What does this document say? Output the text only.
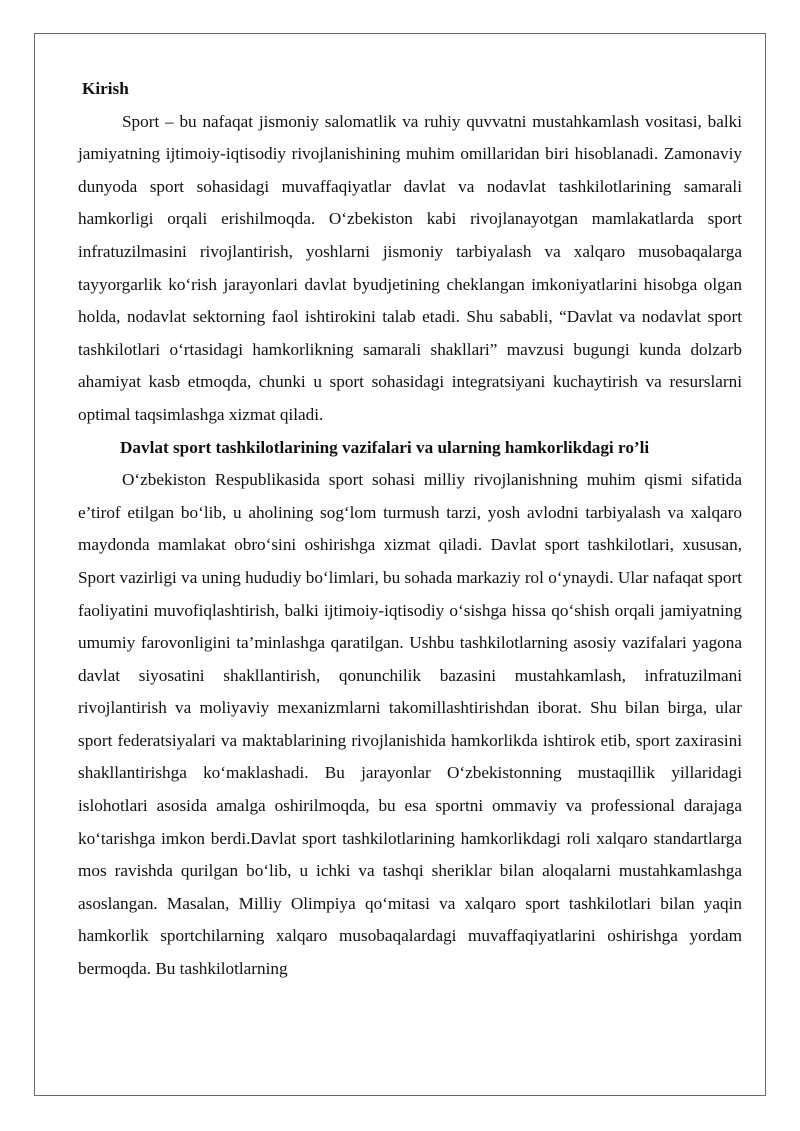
Kirish

Sport – bu nafaqat jismoniy salomatlik va ruhiy quvvatni mustahkamlash vositasi, balki jamiyatning ijtimoiy-iqtisodiy rivojlanishining muhim omillaridan biri hisoblanadi. Zamonaviy dunyoda sport sohasidagi muvaffaqiyatlar davlat va nodavlat tashkilotlarining samarali hamkorligi orqali erishilmoqda. O‘zbekiston kabi rivojlanayotgan mamlakatlarda sport infratuzilmasini rivojlantirish, yoshlarni jismoniy tarbiyalash va xalqaro musobaqalarga tayyorgarlik ko‘rish jarayonlari davlat byudjetining cheklangan imkoniyatlarini hisobga olgan holda, nodavlat sektorning faol ishtirokini talab etadi. Shu sababli, “Davlat va nodavlat sport tashkilotlari o‘rtasidagi hamkorlikning samarali shakllari” mavzusi bugungi kunda dolzarb ahamiyat kasb etmoqda, chunki u sport sohasidagi integratsiyani kuchaytirish va resurslarni optimal taqsimlashga xizmat qiladi.

Davlat sport tashkilotlarining vazifalari va ularning hamkorlikdagi ro’li

O‘zbekiston Respublikasida sport sohasi milliy rivojlanishning muhim qismi sifatida e’tirof etilgan bo‘lib, u aholining sog‘lom turmush tarzi, yosh avlodni tarbiyalash va xalqaro maydonda mamlakat obro‘sini oshirishga xizmat qiladi. Davlat sport tashkilotlari, xususan, Sport vazirligi va uning hududiy bo‘limlari, bu sohada markaziy rol o‘ynaydi. Ular nafaqat sport faoliyatini muvofiqlashtirish, balki ijtimoiy-iqtisodiy o‘sishga hissa qo‘shish orqali jamiyatning umumiy farovonligini ta’minlashga qaratilgan. Ushbu tashkilotlarning asosiy vazifalari yagona davlat siyosatini shakllantirish, qonunchilik bazasini mustahkamlash, infratuzilmani rivojlantirish va moliyaviy mexanizmlarni takomillashtirishdan iborat. Shu bilan birga, ular sport federatsiyalari va maktablarining rivojlanishida hamkorlikda ishtirok etib, sport zaxirasini shakllantirishga ko‘maklashadi. Bu jarayonlar O‘zbekistonning mustaqillik yillaridagi islohotlari asosida amalga oshirilmoqda, bu esa sportni ommaviy va professional darajaga ko‘tarishga imkon berdi.Davlat sport tashkilotlarining hamkorlikdagi roli xalqaro standartlarga mos ravishda qurilgan bo‘lib, u ichki va tashqi sheriklar bilan aloqalarni mustahkamlashga asoslangan. Masalan, Milliy Olimpiya qo‘mitasi va xalqaro sport tashkilotlari bilan yaqin hamkorlik sportchilarning xalqaro musobaqalardagi muvaffaqiyatlarini oshirishga yordam bermoqda. Bu tashkilotlarning
